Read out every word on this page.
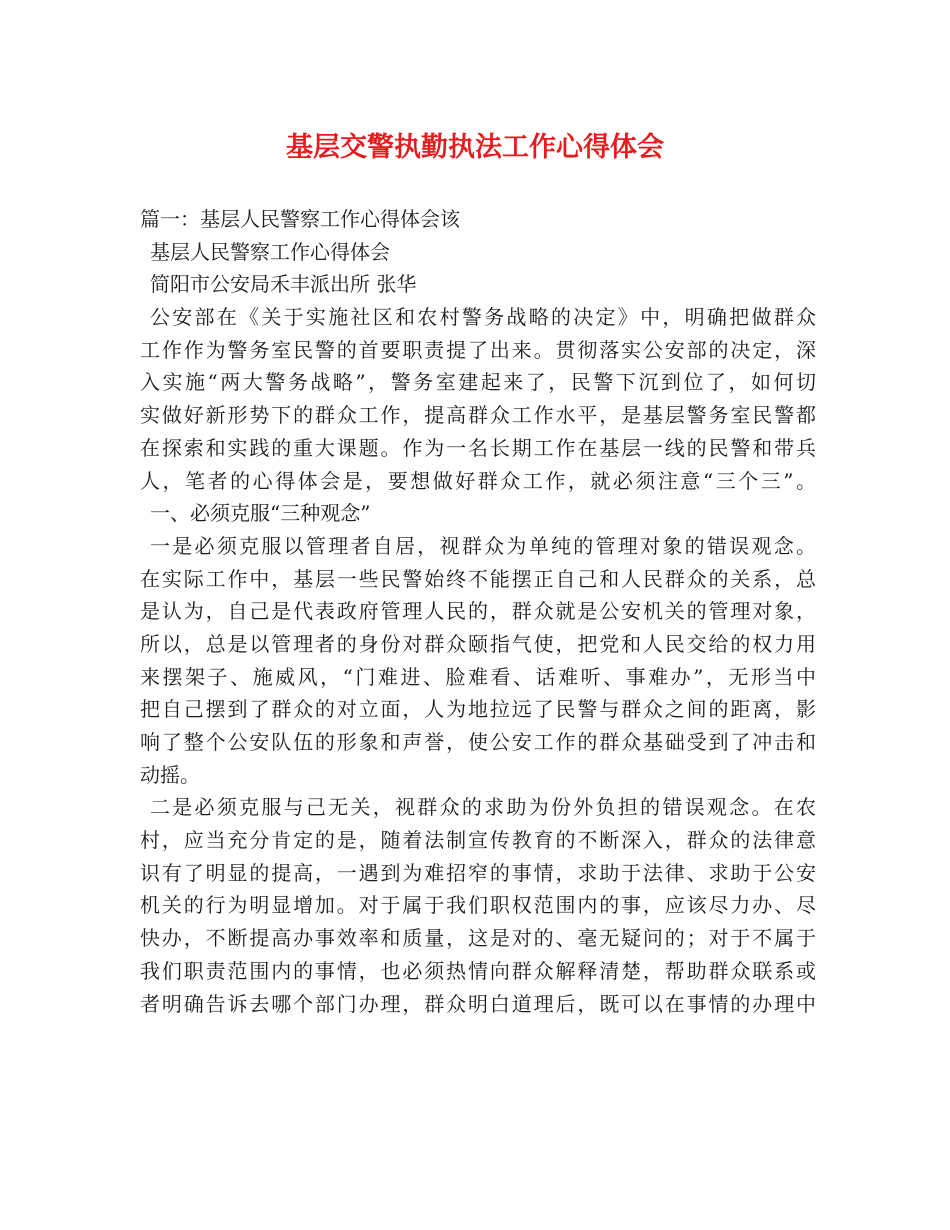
基层交警执勤执法工作心得体会
篇一：基层人民警察工作心得体会该
基层人民警察工作心得体会
简阳市公安局禾丰派出所 张华
公安部在《关于实施社区和农村警务战略的决定》中，明确把做群众
工作作为警务室民警的首要职责提了出来。贯彻落实公安部的决定，深
入实施“两大警务战略”，警务室建起来了，民警下沉到位了，如何切
实做好新形势下的群众工作，提高群众工作水平，是基层警务室民警都
在探索和实践的重大课题。作为一名长期工作在基层一线的民警和带兵
人，笔者的心得体会是，要想做好群众工作，就必须注意“三个三”。
一、必须克服“三种观念”
一是必须克服以管理者自居，视群众为单纯的管理对象的错误观念。
在实际工作中，基层一些民警始终不能摆正自己和人民群众的关系，总
是认为，自己是代表政府管理人民的，群众就是公安机关的管理对象，
所以，总是以管理者的身份对群众颐指气使，把党和人民交给的权力用
来摆架子、施威风，“门难进、脸难看、话难听、事难办”，无形当中
把自己摆到了群众的对立面，人为地拉远了民警与群众之间的距离，影
响了整个公安队伍的形象和声誉，使公安工作的群众基础受到了冲击和
动摇。
二是必须克服与己无关，视群众的求助为份外负担的错误观念。在农
村，应当充分肯定的是，随着法制宣传教育的不断深入，群众的法律意
识有了明显的提高，一遇到为难招窄的事情，求助于法律、求助于公安
机关的行为明显增加。对于属于我们职权范围内的事，应该尽力办、尽
快办，不断提高办事效率和质量，这是对的、毫无疑问的；对于不属于
我们职责范围内的事情，也必须热情向群众解释清楚，帮助群众联系或
者明确告诉去哪个部门办理，群众明白道理后，既可以在事情的办理中
